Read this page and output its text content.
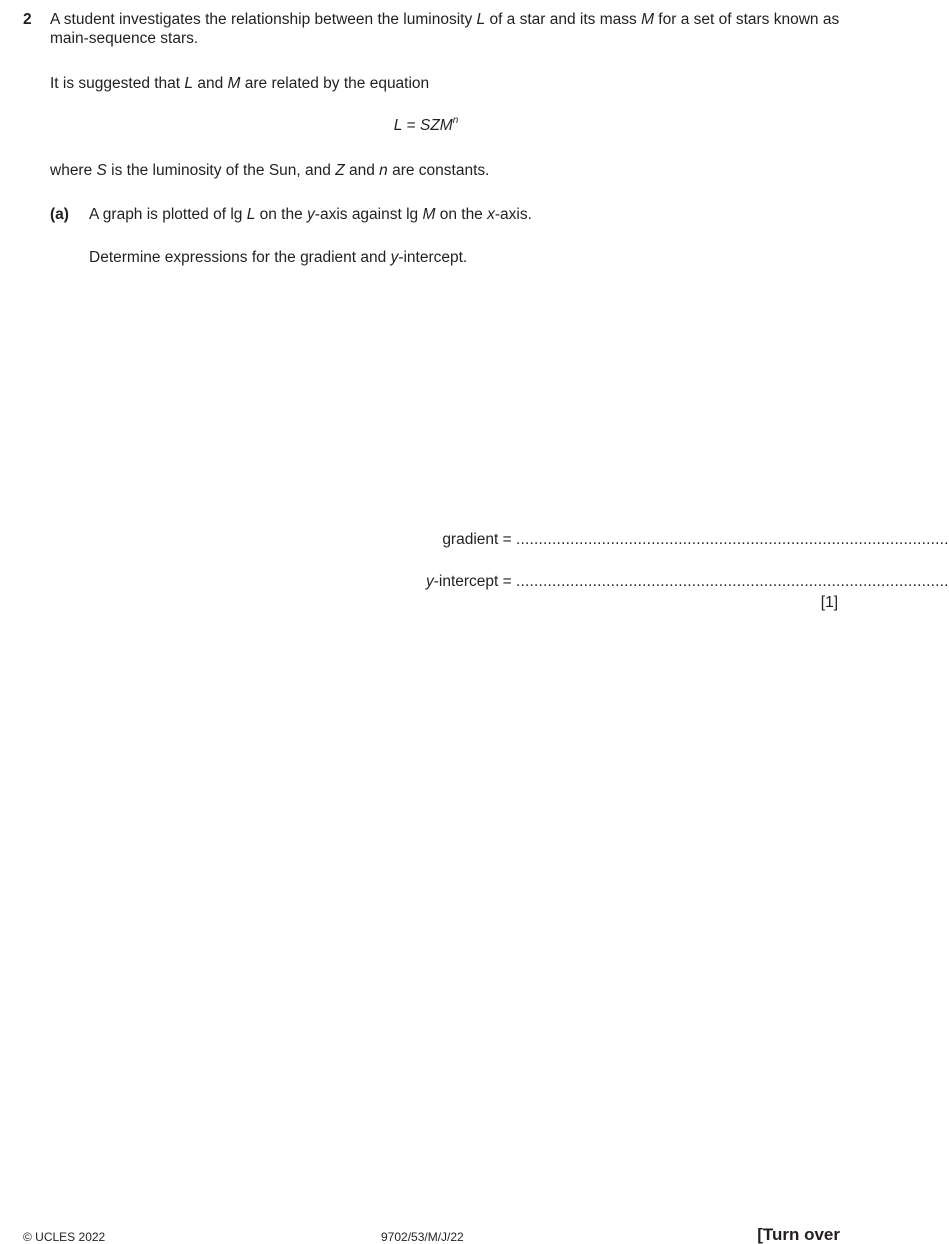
2 A student investigates the relationship between the luminosity L of a star and its mass M for a set of stars known as main-sequence stars.
It is suggested that L and M are related by the equation
$L = SZM^n$
where S is the luminosity of the Sun, and Z and n are constants.
(a) A graph is plotted of lg L on the y-axis against lg M on the x-axis.
Determine expressions for the gradient and y-intercept.
gradient = ................................................................................................
y-intercept = ................................................................................................
[1]
© UCLES 2022	9702/53/M/J/22	[Turn over
